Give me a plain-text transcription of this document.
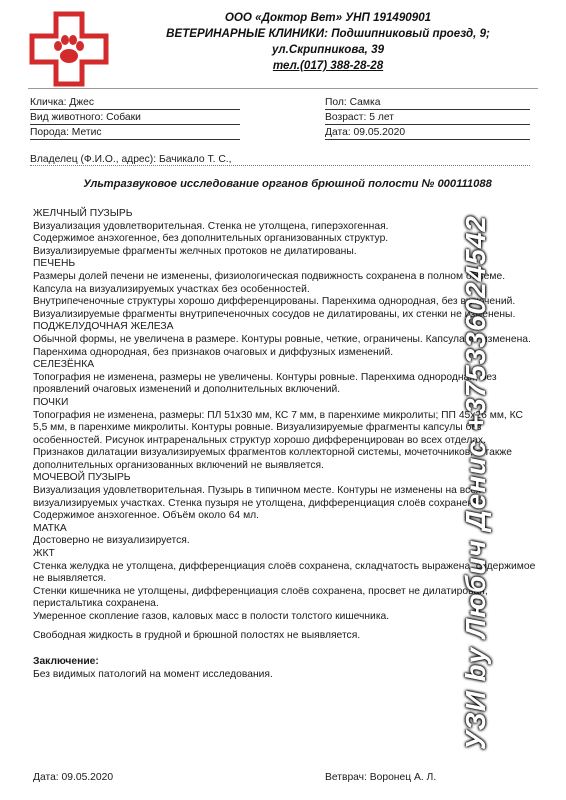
ООО «Доктор Вет» УНП 191490901
ВЕТЕРИНАРНЫЕ КЛИНИКИ: Подшипниковый проезд, 9;
ул.Скрипникова, 39
тел.(017) 388-28-28
Кличка: Джес
Вид животного: Собаки
Порода: Метис
Пол: Самка
Возраст: 5 лет
Дата: 09.05.2020
Владелец (Ф.И.О., адрес): Бачикало Т. С.,
Ультразвуковое исследование органов брюшной полости № 000111088

ЖЕЛЧНЫЙ ПУЗЫРЬ

Визуализация удовлетворительная. Стенка не утолщена, гиперэхогенная.

Содержимое анэхогенное, без дополнительных организованных структур.

Визуализируемые фрагменты желчных протоков не дилатированы.

ПЕЧЕНЬ

Размеры долей печени не изменены, физиологическая подвижность сохранена в полном объеме. Капсула на визуализируемых участках без особенностей.

Внутрипеченочные структуры хорошо дифференцированы. Паренхима однородная, без включений. Визуализируемые фрагменты внутрипеченочных сосудов не дилатированы, их стенки не изменены.

ПОДЖЕЛУДОЧНАЯ ЖЕЛЕЗА

Обычной формы, не увеличена в размере. Контуры ровные, четкие, ограничены. Капсула не изменена. Паренхима однородная, без признаков очаговых и диффузных изменений.

СЕЛЕЗЁНКА

Топография не изменена, размеры не увеличены. Контуры ровные. Паренхима однородная, без проявлений очаговых изменений и дополнительных включений.

ПОЧКИ

Топография не изменена, размеры: ПЛ 51х30 мм, КС 7 мм, в паренхиме микролиты; ПП 45х26 мм, КС 5,5 мм, в паренхиме микролиты. Контуры ровные. Визуализируемые фрагменты капсулы без особенностей. Рисунок интраренальных структур хорошо дифференцирован во всех отделах. Признаков дилатации визуализируемых фрагментов коллекторной системы, мочеточников, а также дополнительных организованных включений не выявляется.

МОЧЕВОЙ ПУЗЫРЬ

Визуализация удовлетворительная. Пузырь в типичном месте. Контуры не изменены на всех визуализируемых участках. Стенка пузыря не утолщена, дифференциация слоёв сохранена. Содержимое анэхогенное. Объём около 64 мл.

МАТКА

Достоверно не визуализируется.

ЖКТ

Стенка желудка не утолщена, дифференциация слоёв сохранена, складчатость выражена, содержимое не выявляется.

Стенки кишечника не утолщены, дифференциация слоёв сохранена, просвет не дилатирован, перистальтика сохранена.

Умеренное скопление газов, каловых масс в полости толстого кишечника.

Свободная жидкость в грудной и брюшной полостях не выявляется.

Заключение:

Без видимых патологий на момент исследования.

Дата: 09.05.2020	Ветврач: Воронец А. Л.
УЗИ by Любич Денис +375336024542
